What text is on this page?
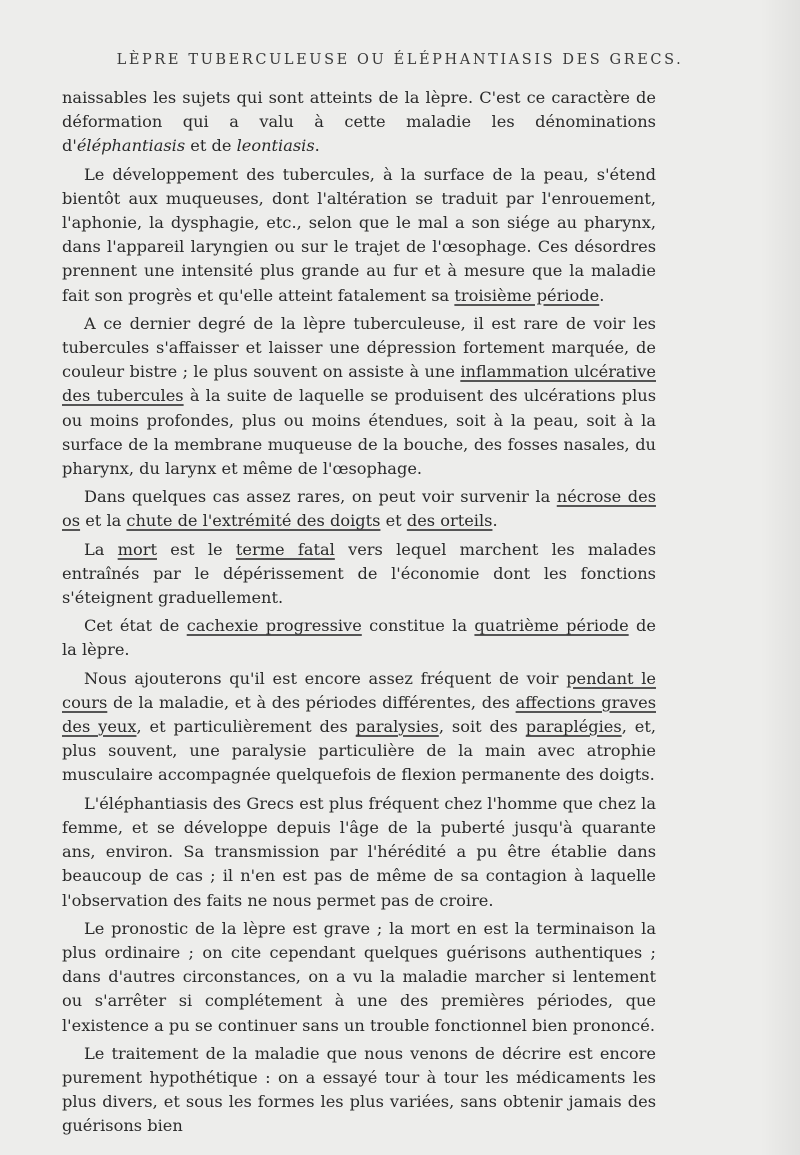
LÈPRE TUBERCULEUSE OU ÉLÉPHANTIASIS DES GRECS.

naissables les sujets qui sont atteints de la lèpre. C'est ce caractère de déformation qui a valu à cette maladie les dénominations d'éléphantiasis et de leontiasis.

Le développement des tubercules, à la surface de la peau, s'étend bientôt aux muqueuses, dont l'altération se traduit par l'enrouement, l'aphonie, la dysphagie, etc., selon que le mal a son siége au pharynx, dans l'appareil laryngien ou sur le trajet de l'œsophage. Ces désordres prennent une intensité plus grande au fur et à mesure que la maladie fait son progrès et qu'elle atteint fatalement sa troisième période.

A ce dernier degré de la lèpre tuberculeuse, il est rare de voir les tubercules s'affaisser et laisser une dépression fortement marquée, de couleur bistre ; le plus souvent on assiste à une inflammation ulcérative des tubercules à la suite de laquelle se produisent des ulcérations plus ou moins profondes, plus ou moins étendues, soit à la peau, soit à la surface de la membrane muqueuse de la bouche, des fosses nasales, du pharynx, du larynx et même de l'œsophage.

Dans quelques cas assez rares, on peut voir survenir la nécrose des os et la chute de l'extrémité des doigts et des orteils.

La mort est le terme fatal vers lequel marchent les malades entraînés par le dépérissement de l'économie dont les fonctions s'éteignent graduellement.

Cet état de cachexie progressive constitue la quatrième période de la lèpre.

Nous ajouterons qu'il est encore assez fréquent de voir pendant le cours de la maladie, et à des périodes différentes, des affections graves des yeux, et particulièrement des paralysies, soit des paraplégies, et, plus souvent, une paralysie particulière de la main avec atrophie musculaire accompagnée quelquefois de flexion permanente des doigts.

L'éléphantiasis des Grecs est plus fréquent chez l'homme que chez la femme, et se développe depuis l'âge de la puberté jusqu'à quarante ans, environ. Sa transmission par l'hérédité a pu être établie dans beaucoup de cas ; il n'en est pas de même de sa contagion à laquelle l'observation des faits ne nous permet pas de croire.

Le pronostic de la lèpre est grave ; la mort en est la terminaison la plus ordinaire ; on cite cependant quelques guérisons authentiques ; dans d'autres circonstances, on a vu la maladie marcher si lentement ou s'arrêter si complétement à une des premières périodes, que l'existence a pu se continuer sans un trouble fonctionnel bien prononcé.

Le traitement de la maladie que nous venons de décrire est encore purement hypothétique : on a essayé tour à tour les médicaments les plus divers, et sous les formes les plus variées, sans obtenir jamais des guérisons bien
